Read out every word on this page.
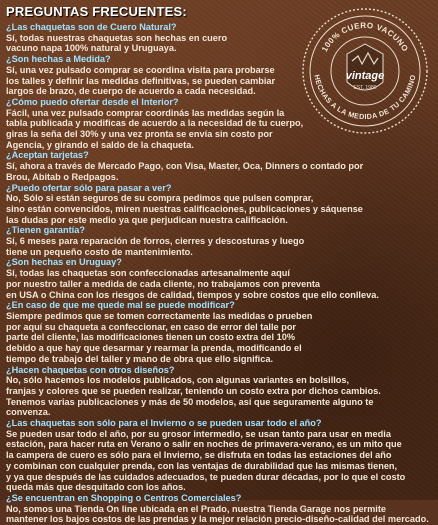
PREGUNTAS FRECUENTES:
100% CUERO VACUNO
HECHAS A LA MEDIDA DE TU CAMINO
vintage
EST. 1980

¿Las chaquetas son de Cuero Natural?

Sí, todas nuestras chaquetas son hechas en cuero
vacuno napa 100% natural y Uruguaya.

¿Son hechas a Medida?

Sí, una vez pulsado comprar se coordina visita para probarse
los talles y definir las medidas definitivas, se pueden cambiar
largos de brazo, de cuerpo de acuerdo a cada necesidad.

¿Cómo puedo ofertar desde el Interior?

Fácil, una vez pulsado comprar coordinás las medidas según la
tabla publicada y modificas de acuerdo a la necesidad de tu cuerpo,
giras la seña del 30% y una vez pronta se envía sin costo por
Agencia, y girando el saldo de la chaqueta.

¿Aceptan tarjetas?

Sí, ahora a través de Mercado Pago, con Visa, Master, Oca, Dinners o contado por
Brou, Abitab o Redpagos.

¿Puedo ofertar sólo para pasar a ver?

No, Sólo si están seguros de su compra pedimos que pulsen comprar,
sino están convencidos, miren nuestras calificaciones, publicaciones y sáquense
las dudas por este medio ya que perjudican nuestra calificación.

¿Tienen garantía?

Sí, 6 meses para reparación de forros, cierres y descosturas y luego
tiene un pequeño costo de mantenimiento.

¿Son hechas en Uruguay?

Sí, todas las chaquetas son confeccionadas artesanalmente aquí
por nuestro taller a medida de cada cliente, no trabajamos con preventa
en USA o China con los riesgos de calidad, tiempos y sobre costos que ello conlleva.

¿En caso de que me quede mal se puede modificar?

Siempre pedimos que se tomen correctamente las medidas o prueben
por aquí su chaqueta a confeccionar, en caso de error del talle por
parte del cliente, las modificaciones tienen un costo extra del 10%
debido a que hay que desarmar y rearmar la prenda, modificando el
tiempo de trabajo del taller y mano de obra que ello significa.

¿Hacen chaquetas con otros diseños?

No, sólo hacemos los modelos publicados, con algunas variantes en bolsillos,
franjas y colores que se pueden realizar, teniendo un costo extra por dichos cambios.
Tenemos varias publicaciones y más de 50 modelos, así que seguramente alguno te
convenza.

¿Las chaquetas son sólo para el Invierno o se pueden usar todo el año?

Se pueden usar todo el año, por su grosor intermedio, se usan tanto para usar en media
estación, para hacer ruta en Verano o salir en noches de primavera-verano, es un mito que
la campera de cuero es sólo para el Invierno, se disfruta en todas las estaciones del año
y combinan con cualquier prenda, con las ventajas de durabilidad que las mismas tienen,
y ya que después de las cuidados adecuados, te pueden durar décadas, por lo que el costo
queda más que desquitado con los años.

¿Se encuentran en Shopping o Centros Comerciales?

No, somos una Tienda On line ubicada en el Prado, nuestra Tienda Garage nos permite
mantener los bajos costos de las prendas y la mejor relación precio-diseño-calidad del mercado.
